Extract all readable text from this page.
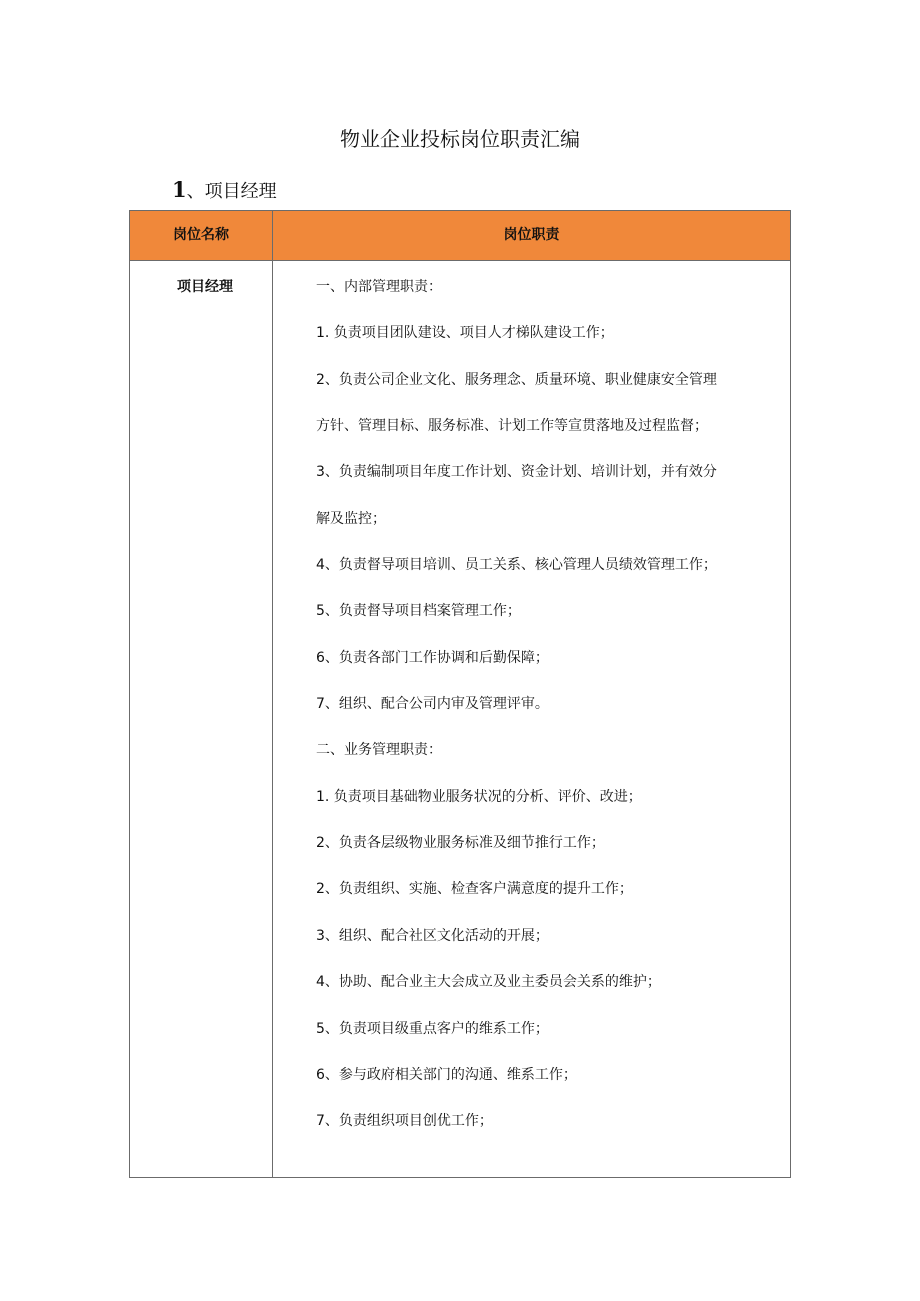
物业企业投标岗位职责汇编
1、项目经理
岗位名称	岗位职责
项目经理	一、内部管理职责：
1. 负责项目团队建设、项目人才梯队建设工作；
2、负责公司企业文化、服务理念、质量环境、职业健康安全管理
方针、管理目标、服务标准、计划工作等宣贯落地及过程监督；
3、负责编制项目年度工作计划、资金计划、培训计划，并有效分
解及监控；
4、负责督导项目培训、员工关系、核心管理人员绩效管理工作；
5、负责督导项目档案管理工作；
6、负责各部门工作协调和后勤保障；
7、组织、配合公司内审及管理评审。
二、业务管理职责：
1. 负责项目基础物业服务状况的分析、评价、改进；
2、负责各层级物业服务标准及细节推行工作；
2、负责组织、实施、检查客户满意度的提升工作；
3、组织、配合社区文化活动的开展；
4、协助、配合业主大会成立及业主委员会关系的维护；
5、负责项目级重点客户的维系工作；
6、参与政府相关部门的沟通、维系工作；
7、负责组织项目创优工作；
